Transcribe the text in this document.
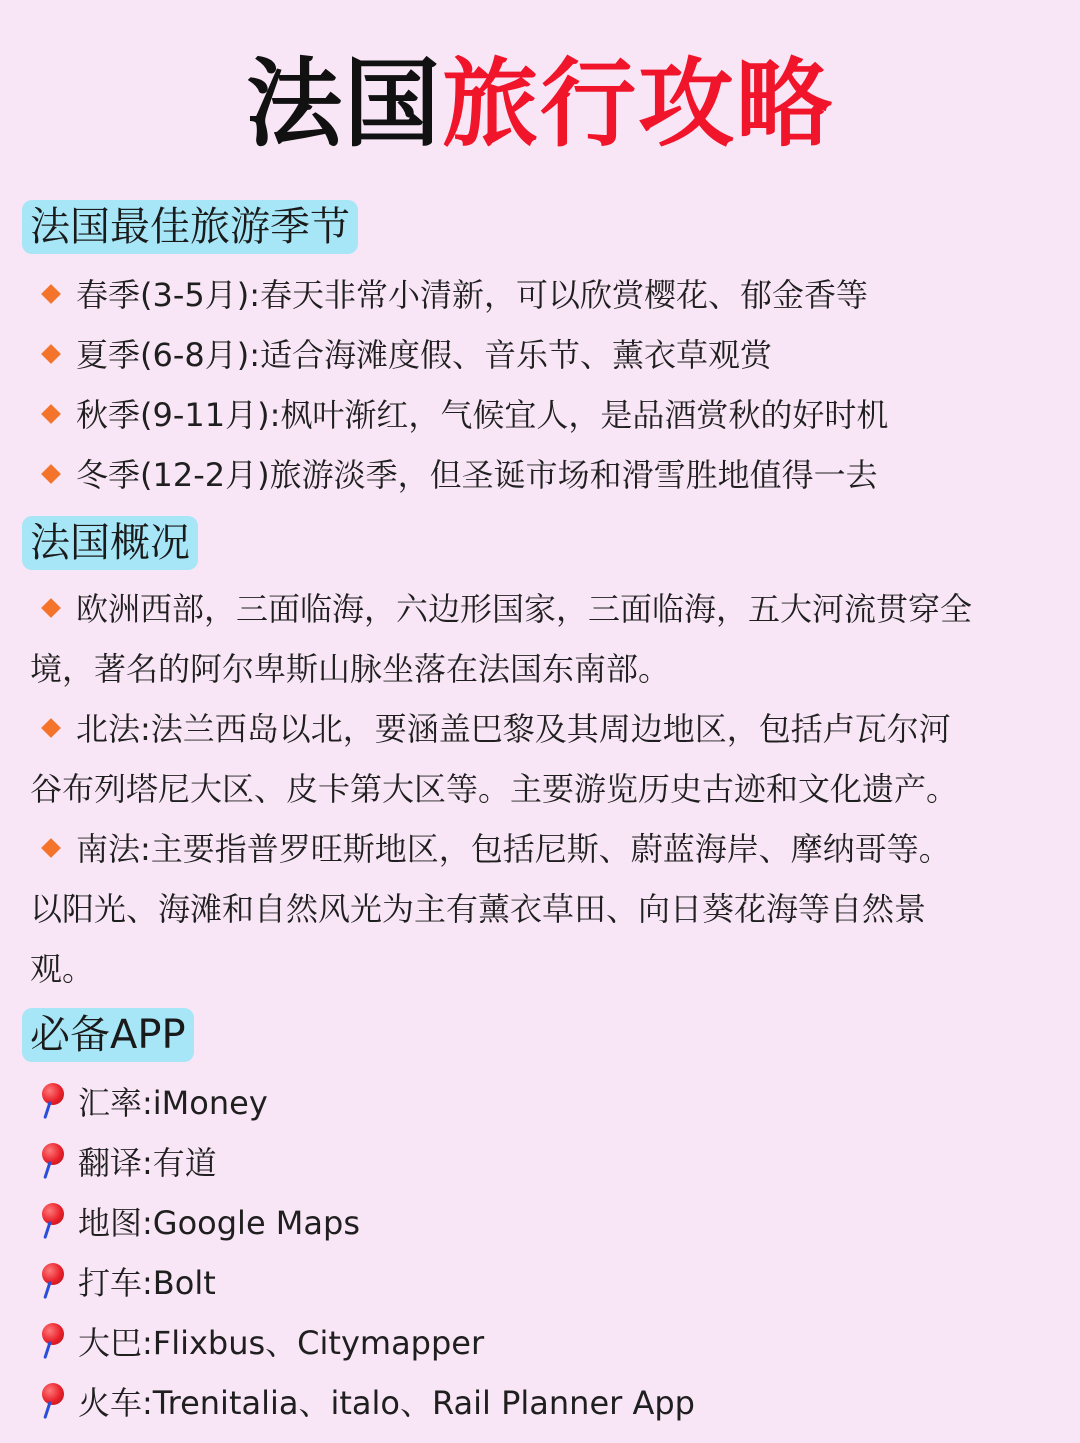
法国旅行攻略
法国最佳旅游季节
春季(3-5月):春天非常小清新，可以欣赏樱花、郁金香等
夏季(6-8月):适合海滩度假、音乐节、薰衣草观赏
秋季(9-11月):枫叶渐红，气候宜人，是品酒赏秋的好时机
冬季(12-2月)旅游淡季，但圣诞市场和滑雪胜地值得一去
法国概况
欧洲西部，三面临海，六边形国家，三面临海，五大河流贯穿全
境，著名的阿尔卑斯山脉坐落在法国东南部。
北法:法兰西岛以北，要涵盖巴黎及其周边地区，包括卢瓦尔河
谷布列塔尼大区、皮卡第大区等。主要游览历史古迹和文化遗产。
南法:主要指普罗旺斯地区，包括尼斯、蔚蓝海岸、摩纳哥等。
以阳光、海滩和自然风光为主有薰衣草田、向日葵花海等自然景
观。
必备APP
汇率:iMoney
翻译:有道
地图:Google Maps
打车:Bolt
大巴:Flixbus、Citymapper
火车:Trenitalia、italo、Rail Planner App
